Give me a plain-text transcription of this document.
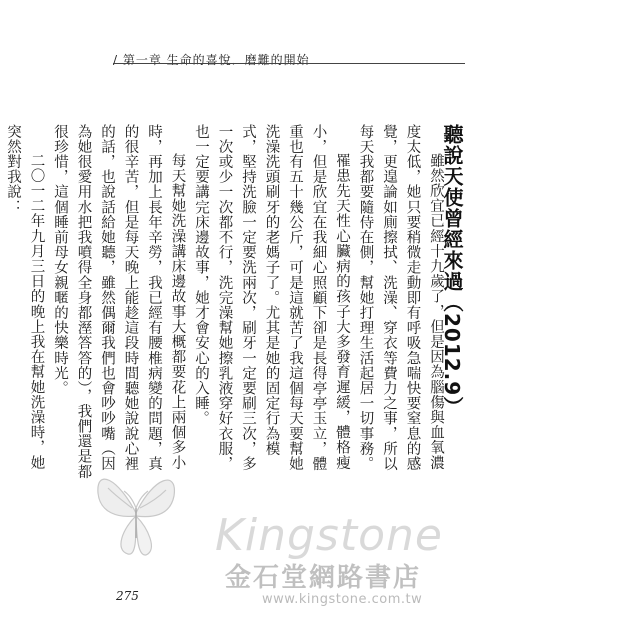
/ 第一章 生命的喜悅．磨難的開始
聽說天使曾經來過（2012.9）

雖然欣宜已經十九歲了，但是因為腦傷與血氧濃度太低，她只要稍微走動即有呼吸急喘快要窒息的感覺，更遑論如廁擦拭、洗澡、穿衣等費力之事，所以每天我都要隨侍在側，幫她打理生活起居一切事務。

罹患先天性心臟病的孩子大多發育遲緩，體格瘦小，但是欣宜在我細心照顧下卻是長得亭亭玉立，體重也有五十幾公斤，可是這就苦了我這個每天要幫她洗澡洗頭刷牙的老媽子了。尤其是她的固定行為模式，堅持洗臉一定要洗兩次，刷牙一定要刷三次，多一次或少一次都不行，洗完澡幫她擦乳液穿好衣服，也一定要講完床邊故事，她才會安心的入睡。

每天幫她洗澡講床邊故事大概都要花上兩個多小時，再加上長年辛勞，我已經有腰椎病變的問題，真的很辛苦，但是每天晚上能趁這段時間聽她說說心裡的話，也說話給她聽，雖然偶爾我們也會吵吵嘴（因為她很愛用水把我噴得全身都溼答答的），我們還是都很珍惜，這個睡前母女親暱的快樂時光。

二〇一二年九月三日的晚上我在幫她洗澡時，她突然對我說：

Kingstone
金石堂網路書店
www.kingstone.com.tw
275
